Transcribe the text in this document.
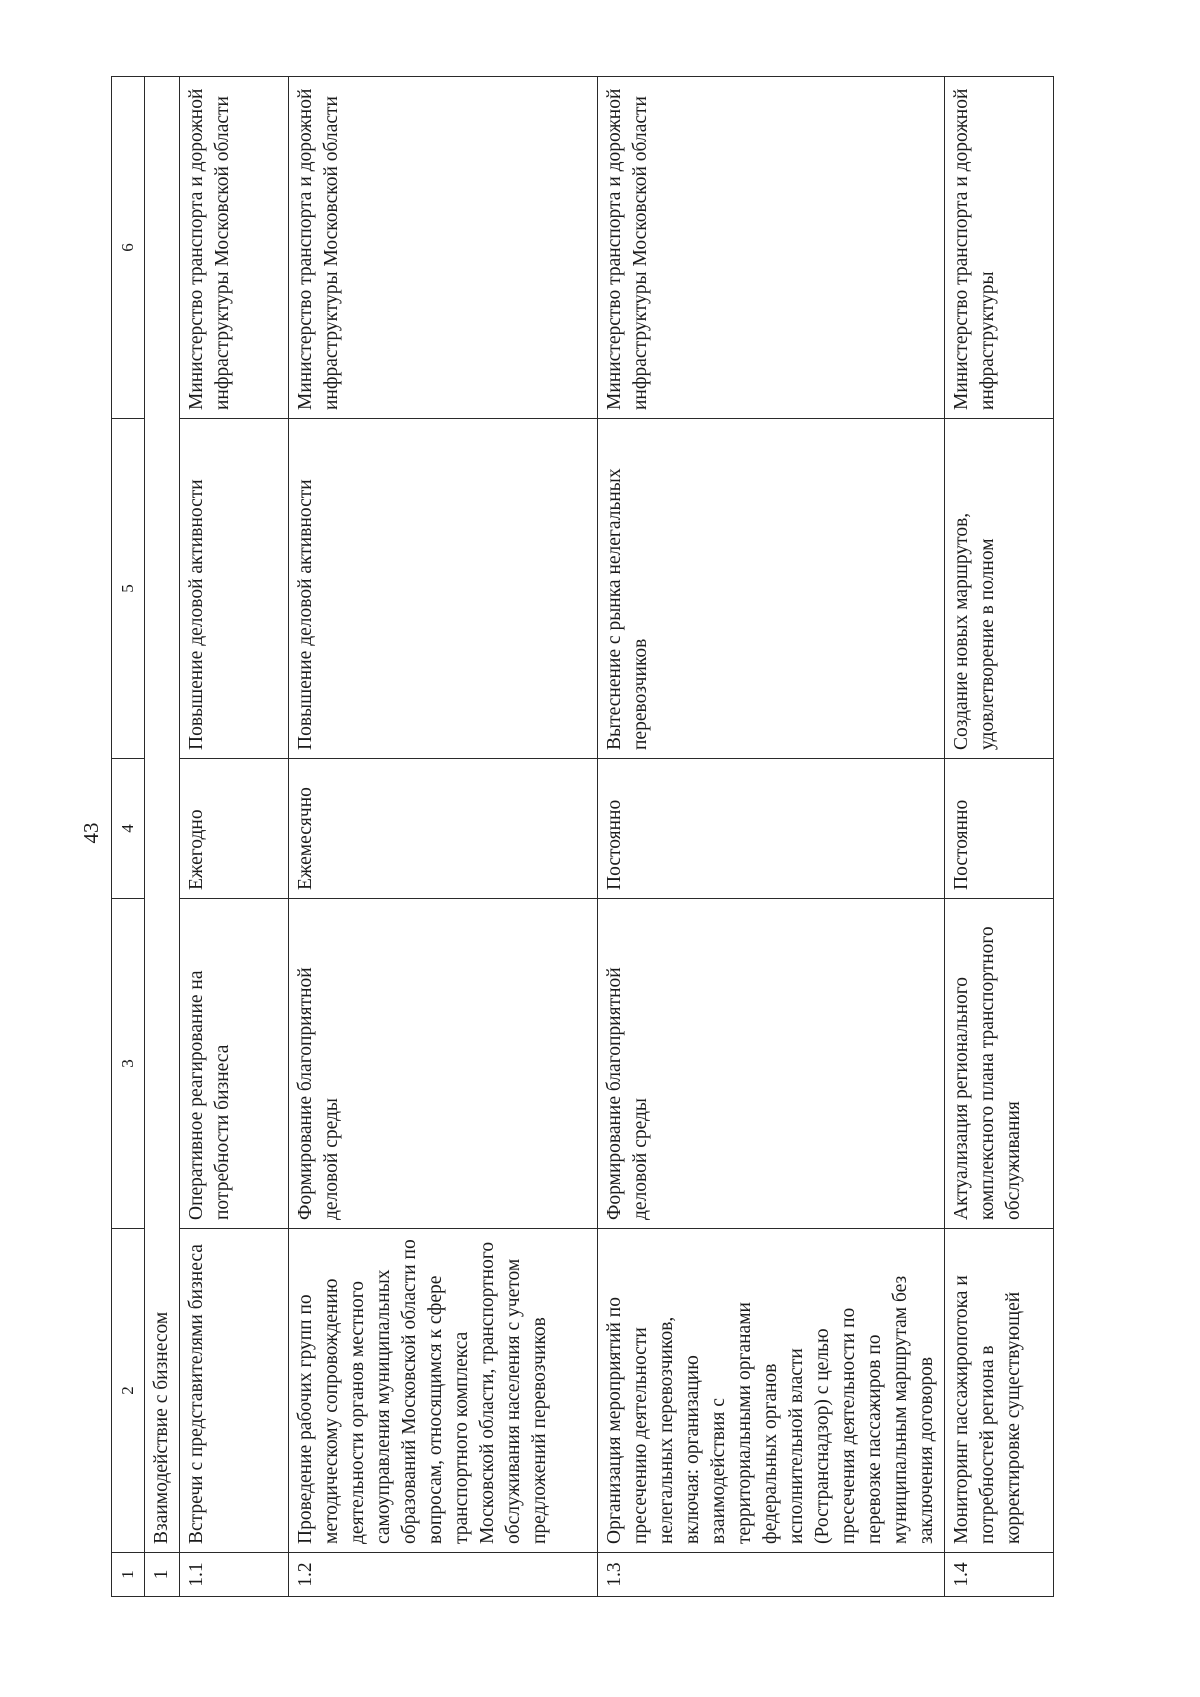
43
1	2	3	4	5	6
1	Взаимодействие с бизнесом				
1.1	Встречи с представителями бизнеса	Оперативное реагирование на потребности бизнеса	Ежегодно	Повышение деловой активности	Министерство транспорта и дорожной инфраструктуры Московской области
1.2	Проведение рабочих групп по методическому сопровождению деятельности органов местного самоуправления муниципальных образований Московской области по вопросам, относящимся к сфере транспортного комплекса Московской области, транспортного обслуживания населения с учетом предложений перевозчиков	Формирование благоприятной деловой среды	Ежемесячно	Повышение деловой активности	Министерство транспорта и дорожной инфраструктуры Московской области
1.3	Организация мероприятий по пресечению деятельности нелегальных перевозчиков, включая: организацию взаимодействия с территориальными органами федеральных органов исполнительной власти (Ространснадзор) с целью пресечения деятельности по перевозке пассажиров по муниципальным маршрутам без заключения договоров	Формирование благоприятной деловой среды	Постоянно	Вытеснение с рынка нелегальных перевозчиков	Министерство транспорта и дорожной инфраструктуры Московской области
1.4	Мониторинг пассажиропотока и потребностей региона в корректировке существующей	Актуализация регионального комплексного плана транспортного обслуживания	Постоянно	Создание новых маршрутов, удовлетворение в полном	Министерство транспорта и дорожной инфраструктуры
